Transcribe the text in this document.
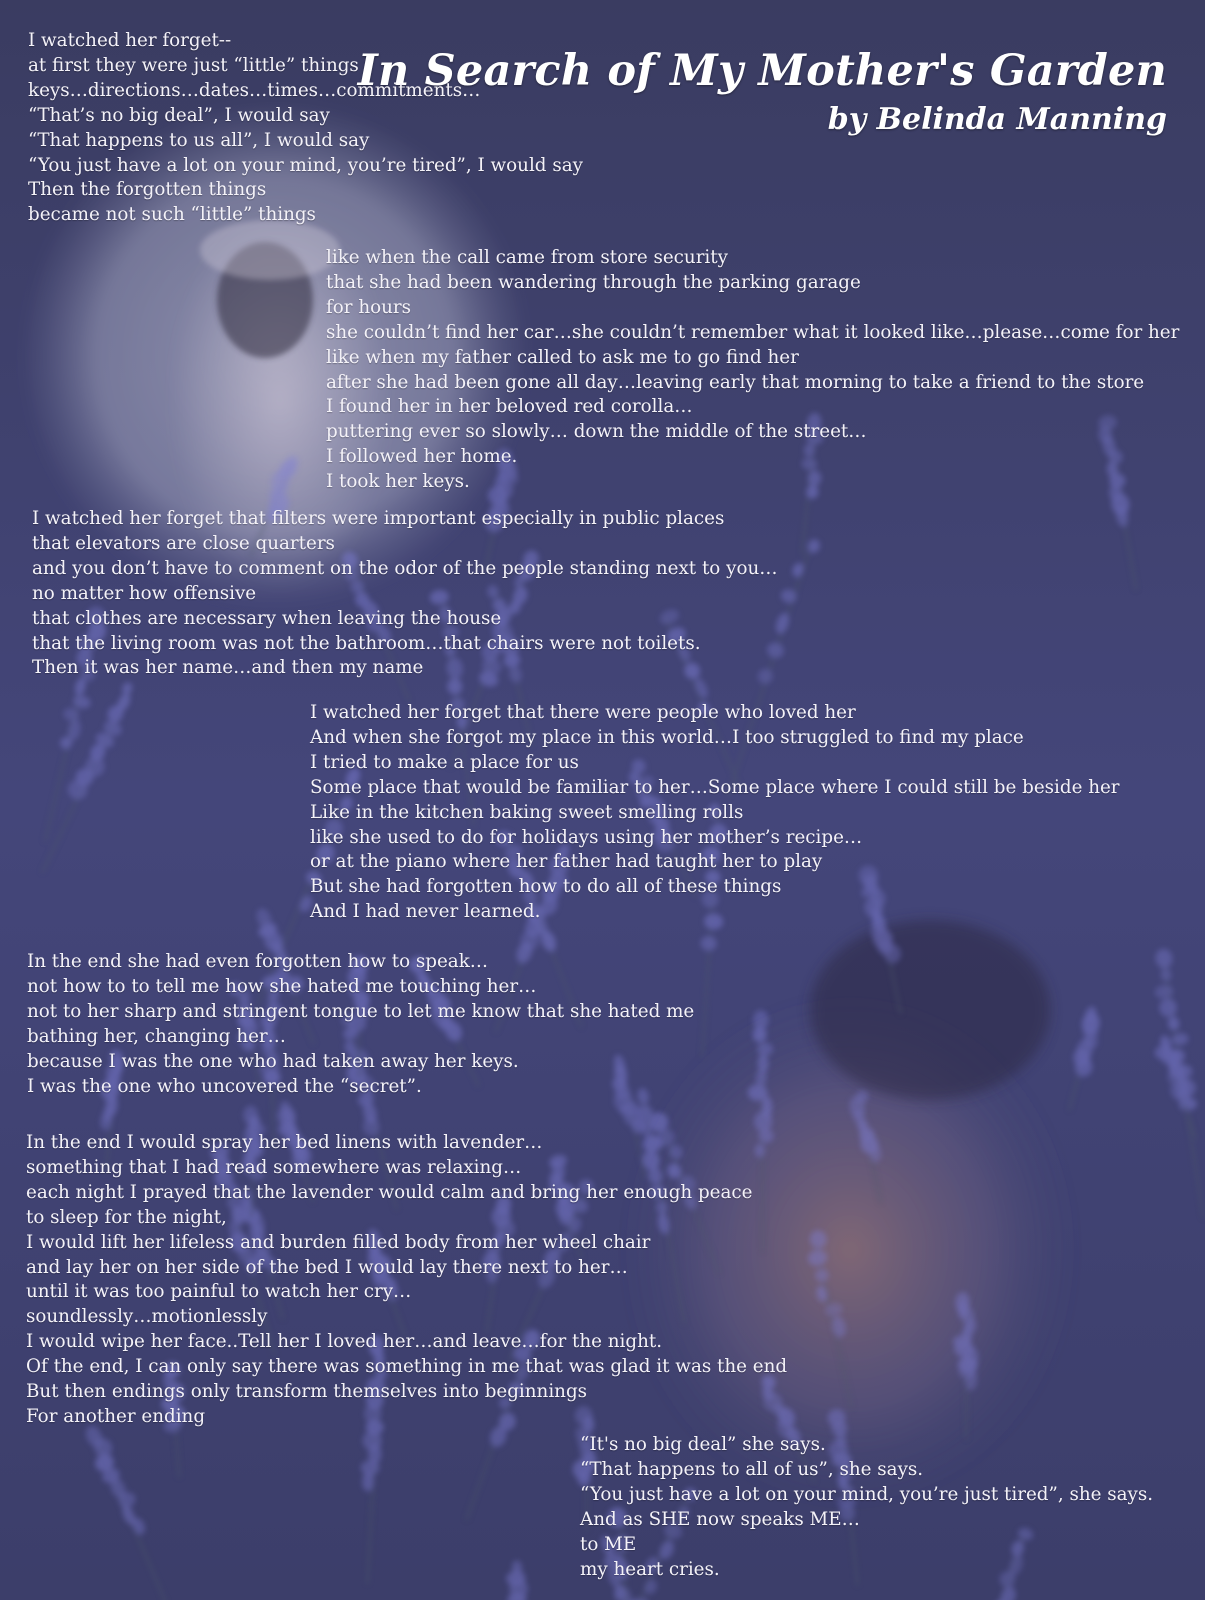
In Search of My Mother's Garden
by Belinda Manning
I watched her forget--
at first they were just “little” things
keys…directions…dates…times…commitments…
“That’s no big deal”, I would say
“That happens to us all”, I would say
“You just have a lot on your mind, you’re tired”, I would say
Then the forgotten things
became not such “little” things
like when the call came from store security
that she had been wandering through the parking garage
for hours
she couldn’t find her car…she couldn’t remember what it looked like…please…come for her
like when my father called to ask me to go find her
after she had been gone all day…leaving early that morning to take a friend to the store
I found her in her beloved red corolla…
puttering ever so slowly… down the middle of the street…
I followed her home.
I took her keys.
I watched her forget that filters were important especially in public places
that elevators are close quarters
and you don’t have to comment on the odor of the people standing next to you…
no matter how offensive
that clothes are necessary when leaving the house
that the living room was not the bathroom…that chairs were not toilets.
Then it was her name…and then my name
I watched her forget that there were people who loved her
And when she forgot my place in this world…I too struggled to find my place
I tried to make a place for us
Some place that would be familiar to her…Some place where I could still be beside her
Like in the kitchen baking sweet smelling rolls
like she used to do for holidays using her mother’s recipe…
or at the piano where her father had taught her to play
But she had forgotten how to do all of these things
And I had never learned.
In the end she had even forgotten how to speak…
not how to to tell me how she hated me touching her…
not to her sharp and stringent tongue to let me know that she hated me
bathing her, changing her…
because I was the one who had taken away her keys.
I was the one who uncovered the “secret”.
In the end I would spray her bed linens with lavender…
something that I had read somewhere was relaxing…
each night I prayed that the lavender would calm and bring her enough peace
to sleep for the night,
I would lift her lifeless and burden filled body from her wheel chair
and lay her on her side of the bed I would lay there next to her…
until it was too painful to watch her cry…
soundlessly…motionlessly
I would wipe her face..Tell her I loved her…and leave…for the night.
Of the end, I can only say there was something in me that was glad it was the end
But then endings only transform themselves into beginnings
For another ending
“It's no big deal” she says.
“That happens to all of us”, she says.
“You just have a lot on your mind, you’re just tired”, she says.
And as SHE now speaks ME…
to ME
my heart cries.
